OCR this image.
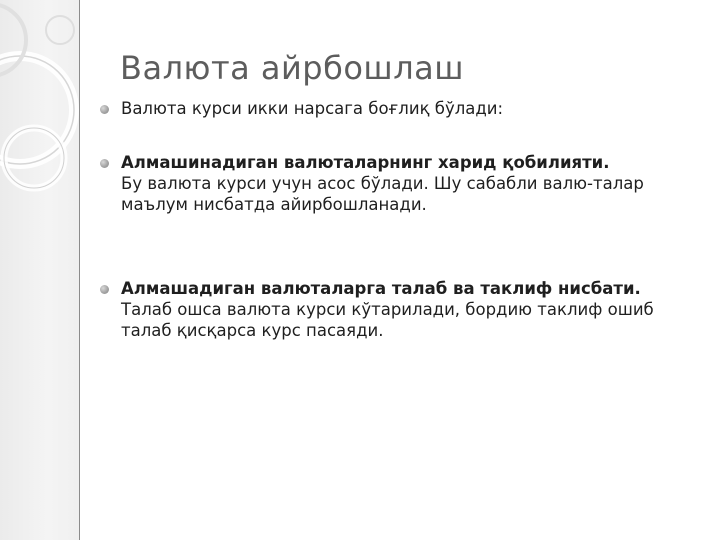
Валюта айрбошлаш
Валюта курси икки нарсага боғлиқ бўлади:
Алмашинадиган валюталарнинг харид қобилияти.
Бу валюта курси учун асос бўлади. Шу сабабли валю-талар маълум нисбатда айирбошланади.
Алмашадиган валюталарга талаб ва таклиф нисбати.
Талаб ошса валюта курси кўтарилади, бордию таклиф ошиб талаб қисқарса курс пасаяди.
